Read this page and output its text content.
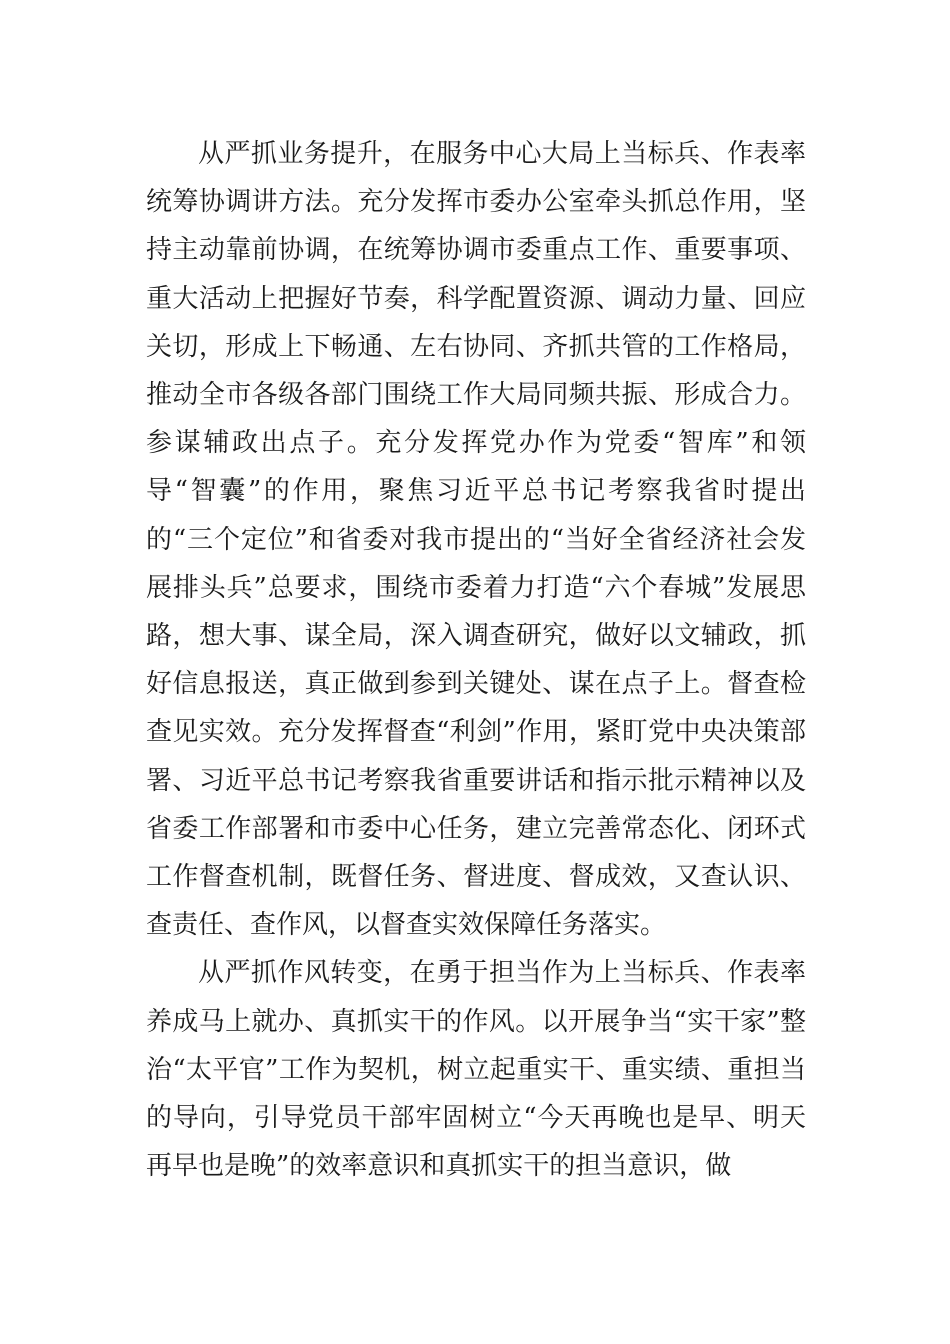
从严抓业务提升，在服务中心大局上当标兵、作表率统筹协调讲方法。充分发挥市委办公室牵头抓总作用，坚持主动靠前协调，在统筹协调市委重点工作、重要事项、重大活动上把握好节奏，科学配置资源、调动力量、回应关切，形成上下畅通、左右协同、齐抓共管的工作格局，推动全市各级各部门围绕工作大局同频共振、形成合力。参谋辅政出点子。充分发挥党办作为党委“智库”和领导“智囊”的作用，聚焦习近平总书记考察我省时提出的“三个定位”和省委对我市提出的“当好全省经济社会发展排头兵”总要求，围绕市委着力打造“六个春城”发展思路，想大事、谋全局，深入调查研究，做好以文辅政，抓好信息报送，真正做到参到关键处、谋在点子上。督查检查见实效。充分发挥督查“利剑”作用，紧盯党中央决策部署、习近平总书记考察我省重要讲话和指示批示精神以及省委工作部署和市委中心任务，建立完善常态化、闭环式工作督查机制，既督任务、督进度、督成效，又查认识、查责任、查作风，以督查实效保障任务落实。

从严抓作风转变，在勇于担当作为上当标兵、作表率养成马上就办、真抓实干的作风。以开展争当“实干家”整治“太平官”工作为契机，树立起重实干、重实绩、重担当的导向，引导党员干部牢固树立“今天再晚也是早、明天再早也是晚”的效率意识和真抓实干的担当意识，做
